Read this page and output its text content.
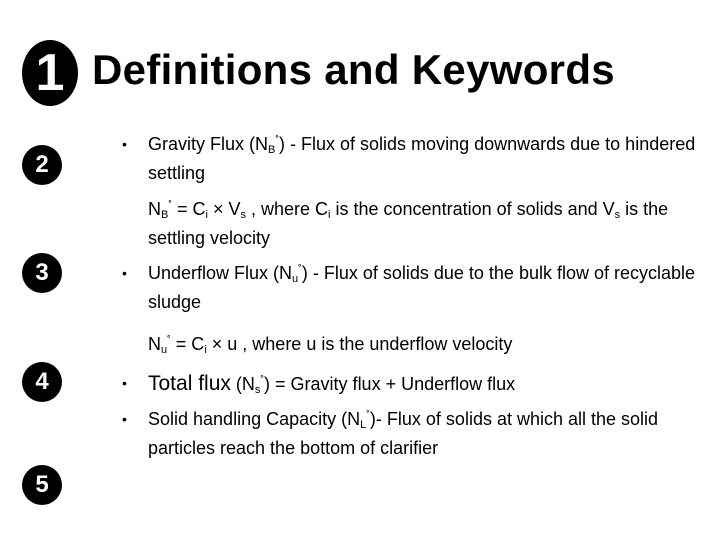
1
2
3
4
5
Definitions and Keywords
• Gravity Flux $(N_B^˚)$ - Flux of solids moving downwards due to hindered settling
$N_B^˚ = C_i \times V_s$ , where $C_i$ is the concentration of solids and $V_s$ is the settling velocity
• Underflow Flux $(N_u^˚)$ - Flux of solids due to the bulk flow of recyclable sludge
$N_u^˚ = C_i \times u$ , where u is the underflow velocity
• Total flux $(N_s^˚)$ = Gravity flux + Underflow flux
• Solid handling Capacity $(N_L^˚)-$ Flux of solids at which all the solid particles reach the bottom of clarifier
